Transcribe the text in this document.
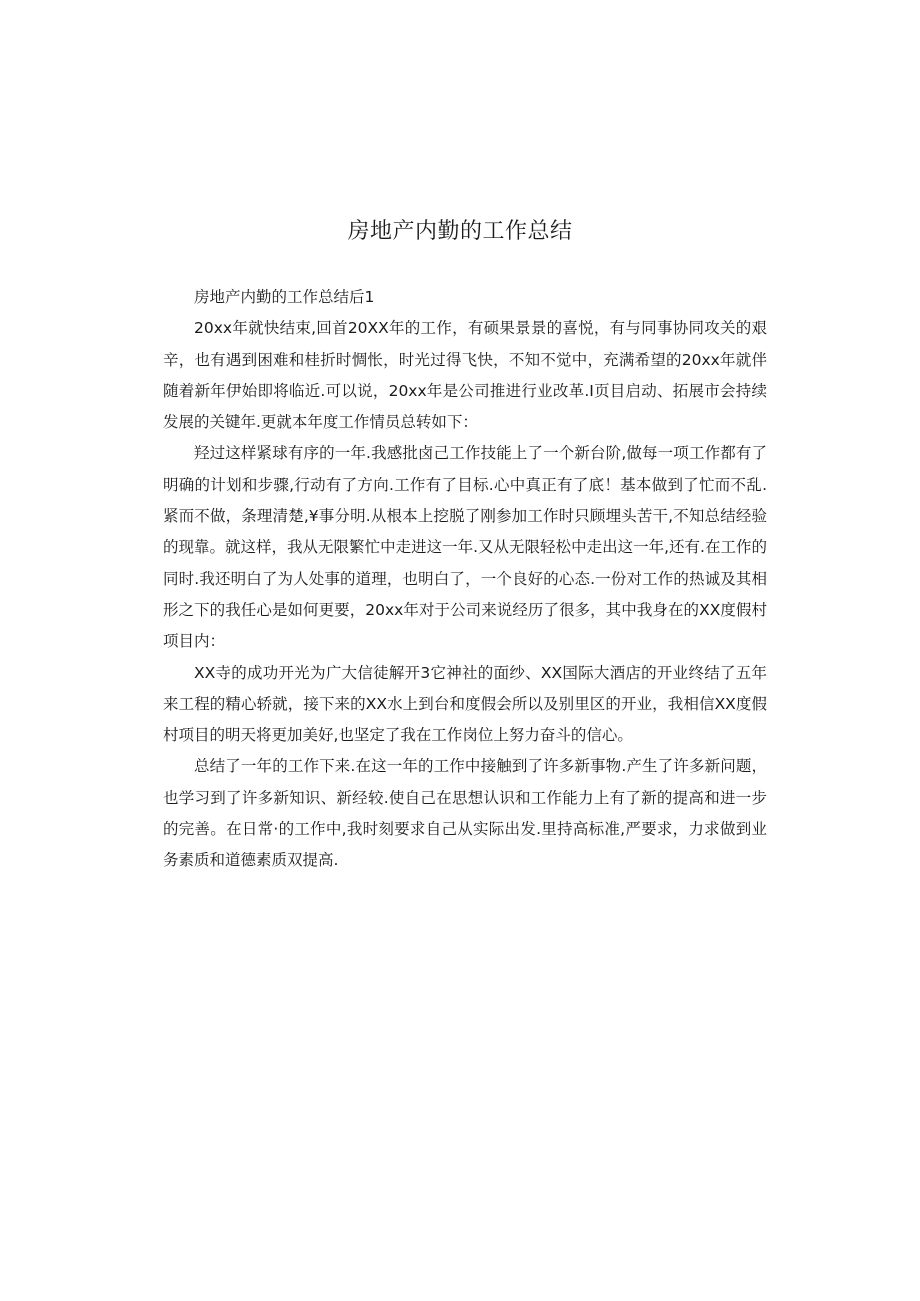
房地产内勤的工作总结

房地产内勤的工作总结后1

20xx年就快结束,回首20XX年的工作，有硕果景景的喜悦，有与同事协同攻关的艰辛，也有遇到困难和桂折时惆怅，时光过得飞快，不知不觉中，充满希望的20xx年就伴随着新年伊始即将临近.可以说，20xx年是公司推进行业改革.I页目启动、拓展市会持续发展的关键年.更就本年度工作情员总转如下：

羟过这样紧球有序的一年.我感批卤己工作技能上了一个新台阶,做每一项工作都有了明确的计划和步骤,行动有了方向.工作有了目标.心中真正有了底！基本做到了忙而不乱.紧而不做，条理清楚,¥事分明.从根本上挖脱了刚参加工作时只顾埋头苦干,不知总结经验的现靠。就这样，我从无限繁忙中走进这一年.又从无限轻松中走出这一年,还有.在工作的同时.我还明白了为人处事的道理，也明白了，一个良好的心态.一份对工作的热诚及其相形之下的我任心是如何更要，20xx年对于公司来说经历了很多，其中我身在的XX度假村项目内：

XX寺的成功开光为广大信徒解开3它神社的面纱、XX国际大酒店的开业终结了五年来工程的精心轿就，接下来的XX水上到台和度假会所以及别里区的开业，我相信XX度假村项目的明天将更加美好,也坚定了我在工作岗位上努力奋斗的信心。

总结了一年的工作下来.在这一年的工作中接触到了许多新事物.产生了许多新问题，也学习到了许多新知识、新经较.使自己在思想认识和工作能力上有了新的提高和进一步的完善。在日常·的工作中,我时刻要求自己从实际出发.里持高标准,严要求，力求做到业务素质和道德素质双提高.
